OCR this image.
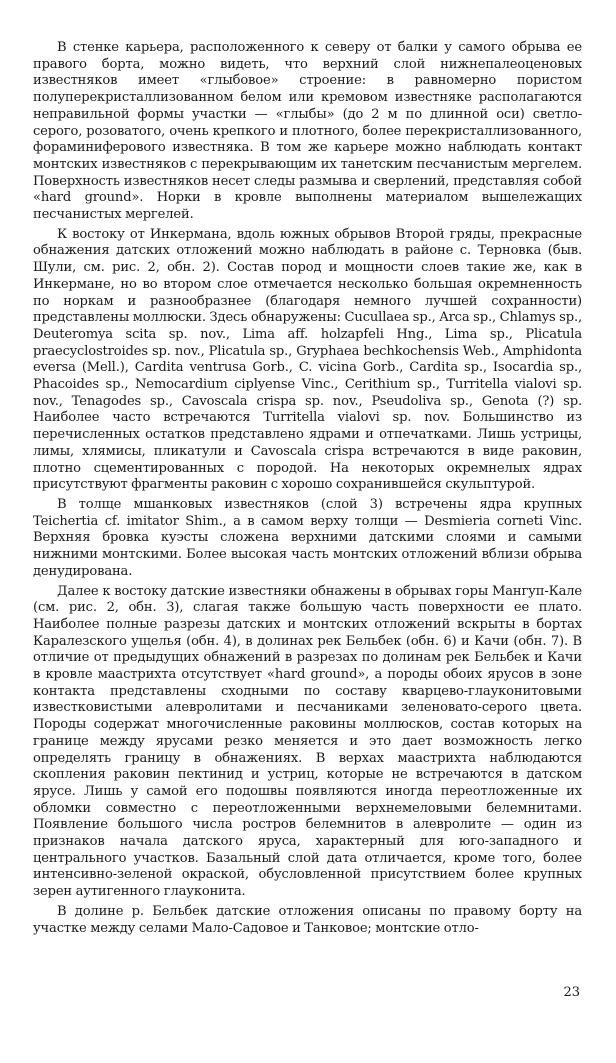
В стенке карьера, расположенного к северу от балки у самого обрыва ее правого борта, можно видеть, что верхний слой нижнепалеоценовых известняков имеет «глыбовое» строение: в равномерно пористом полуперекристаллизованном белом или кремовом известняке располагаются неправильной формы участки — «глыбы» (до 2 м по длинной оси) светло-серого, розоватого, очень крепкого и плотного, более перекристаллизованного, фораминиферового известняка. В том же карьере можно наблюдать контакт монтских известняков с перекрывающим их танетским песчанистым мергелем. Поверхность известняков несет следы размыва и сверлений, представляя собой «hard ground». Норки в кровле выполнены материалом вышележащих песчанистых мергелей.

К востоку от Инкермана, вдоль южных обрывов Второй гряды, прекрасные обнажения датских отложений можно наблюдать в районе с. Терновка (быв. Шули, см. рис. 2, обн. 2). Состав пород и мощности слоев такие же, как в Инкермане, но во втором слое отмечается несколько большая окремненность по норкам и разнообразнее (благодаря немного лучшей сохранности) представлены моллюски. Здесь обнаружены: Cucullaea sp., Arca sp., Chlamys sp., Deuteromya scita sp. nov., Lima aff. holzapfeli Hng., Lima sp., Plicatula praecyclostroides sp. nov., Plicatula sp., Gryphaea bechkochensis Web., Amphidonta eversa (Mell.), Cardita ventrusa Gorb., C. vicina Gorb., Cardita sp., Isocardia sp., Phacoides sp., Nemocardium ciplyense Vinc., Cerithium sp., Turritella vialovi sp. nov., Tenagodes sp., Cavoscala crispa sp. nov., Pseudoliva sp., Genota (?) sp. Наиболее часто встречаются Turritella vialovi sp. nov. Большинство из перечисленных остатков представлено ядрами и отпечатками. Лишь устрицы, лимы, хлямисы, пликатули и Cavoscala crispa встречаются в виде раковин, плотно сцементированных с породой. На некоторых окремнелых ядрах присутствуют фрагменты раковин с хорошо сохранившейся скульптурой.

В толще мшанковых известняков (слой 3) встречены ядра крупных Teichertia cf. imitator Shim., а в самом верху толщи — Desmieria corneti Vinc. Верхняя бровка куэсты сложена верхними датскими слоями и самыми нижними монтскими. Более высокая часть монтских отложений вблизи обрыва денудирована.

Далее к востоку датские известняки обнажены в обрывах горы Мангуп-Кале (см. рис. 2, обн. 3), слагая также большую часть поверхности ее плато. Наиболее полные разрезы датских и монтских отложений вскрыты в бортах Каралезского ущелья (обн. 4), в долинах рек Бельбек (обн. 6) и Качи (обн. 7). В отличие от предыдущих обнажений в разрезах по долинам рек Бельбек и Качи в кровле маастрихта отсутствует «hard ground», а породы обоих ярусов в зоне контакта представлены сходными по составу кварцево-глауконитовыми известковистыми алевролитами и песчаниками зеленовато-серого цвета. Породы содержат многочисленные раковины моллюсков, состав которых на границе между ярусами резко меняется и это дает возможность легко определять границу в обнажениях. В верхах маастрихта наблюдаются скопления раковин пектинид и устриц, которые не встречаются в датском ярусе. Лишь у самой его подошвы появляются иногда переотложенные их обломки совместно с переотложенными верхнемеловыми белемнитами. Появление большого числа ростров белемнитов в алевролите — один из признаков начала датского яруса, характерный для юго-западного и центрального участков. Базальный слой дата отличается, кроме того, более интенсивно-зеленой окраской, обусловленной присутствием более крупных зерен аутигенного глауконита.

В долине р. Бельбек датские отложения описаны по правому борту на участке между селами Мало-Садовое и Танковое; монтские отло-

23
